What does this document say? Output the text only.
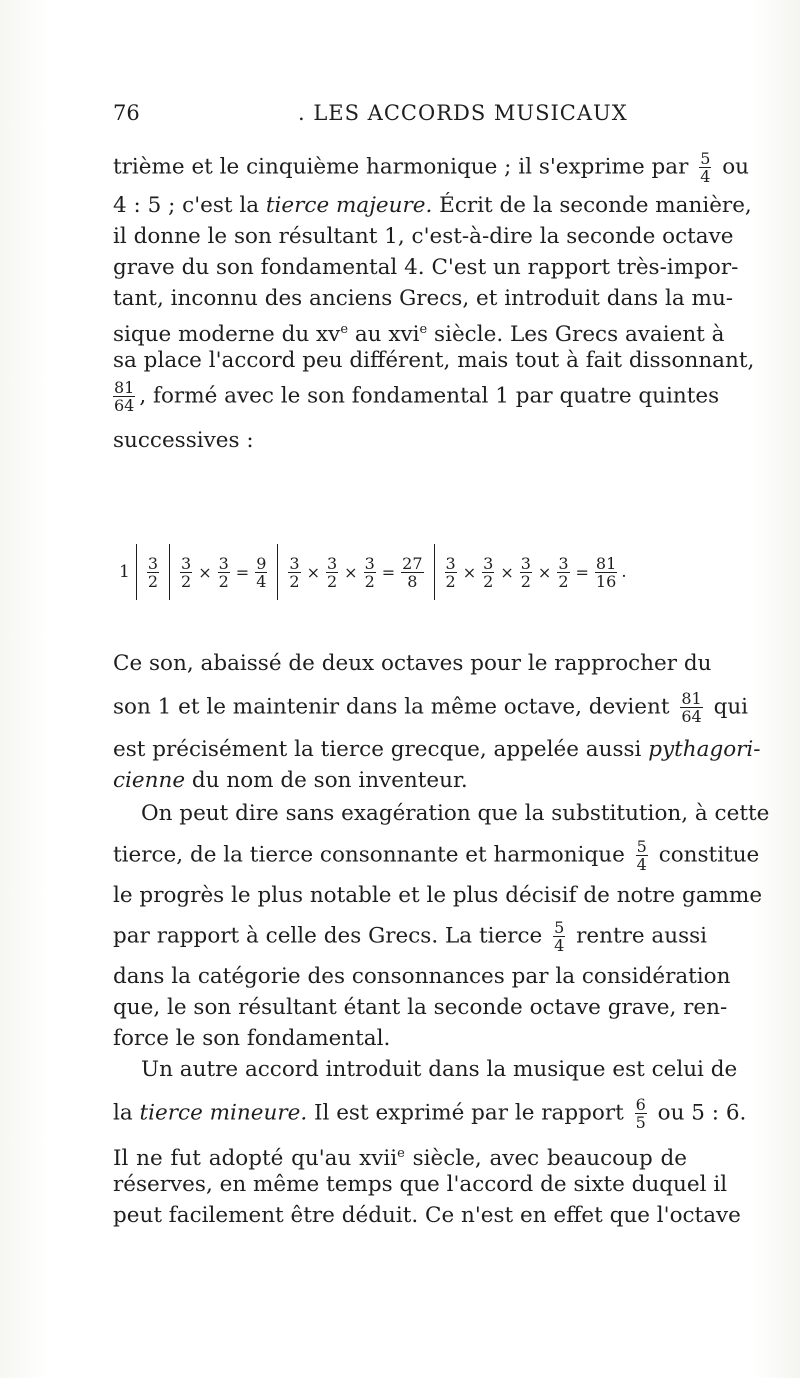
76	. LES ACCORDS MUSICAUX
trième et le cinquième harmonique ; il s'exprime par $\frac{5}{4}$ ou
4 : 5 ; c'est la tierce majeure. Écrit de la seconde manière,
il donne le son résultant 1, c'est-à-dire la seconde octave
grave du son fondamental 4. C'est un rapport très-impor-
tant, inconnu des anciens Grecs, et introduit dans la mu-
sique moderne du $xv^e$ au xvi$^e$ siècle. Les Grecs avaient à
sa place l'accord peu différent, mais tout à fait dissonnant,
$\frac{81}{64}$ , formé avec le son fondamental 1 par quatre quintes
successives :
$1 \frac{3}{2} \frac{3}{2} \times \frac{3}{2} = \frac{9}{4} \frac{3}{2} \times \frac{3}{2} \times \frac{3}{2} = \frac{27}{8} \frac{3}{2} \times \frac{3}{2} \times \frac{3}{2} \times \frac{3}{2} = \frac{81}{16}$ .
Ce son, abaissé de deux octaves pour le rapprocher du
son 1 et le maintenir dans la même octave, devient $\frac{81}{64}$ qui
est précisément la tierce grecque, appelée aussi pythagori-
cienne du nom de son inventeur.
On peut dire sans exagération que la substitution, à cette
tierce, de la tierce consonnante et harmonique $\frac{5}{4}$ constitue
le progrès le plus notable et le plus décisif de notre gamme
par rapport à celle des Grecs. La tierce $\frac{5}{4}$ rentre aussi
dans la catégorie des consonnances par la considération
que, le son résultant étant la seconde octave grave, ren-
force le son fondamental.
Un autre accord introduit dans la musique est celui de
la tierce mineure. Il est exprimé par le rapport $\frac{6}{5}$ ou 5 : 6.
Il ne fut adopté qu'au xvii$^e$ siècle, avec beaucoup de
réserves, en même temps que l'accord de sixte duquel il
peut facilement être déduit. Ce n'est en effet que l'octave
